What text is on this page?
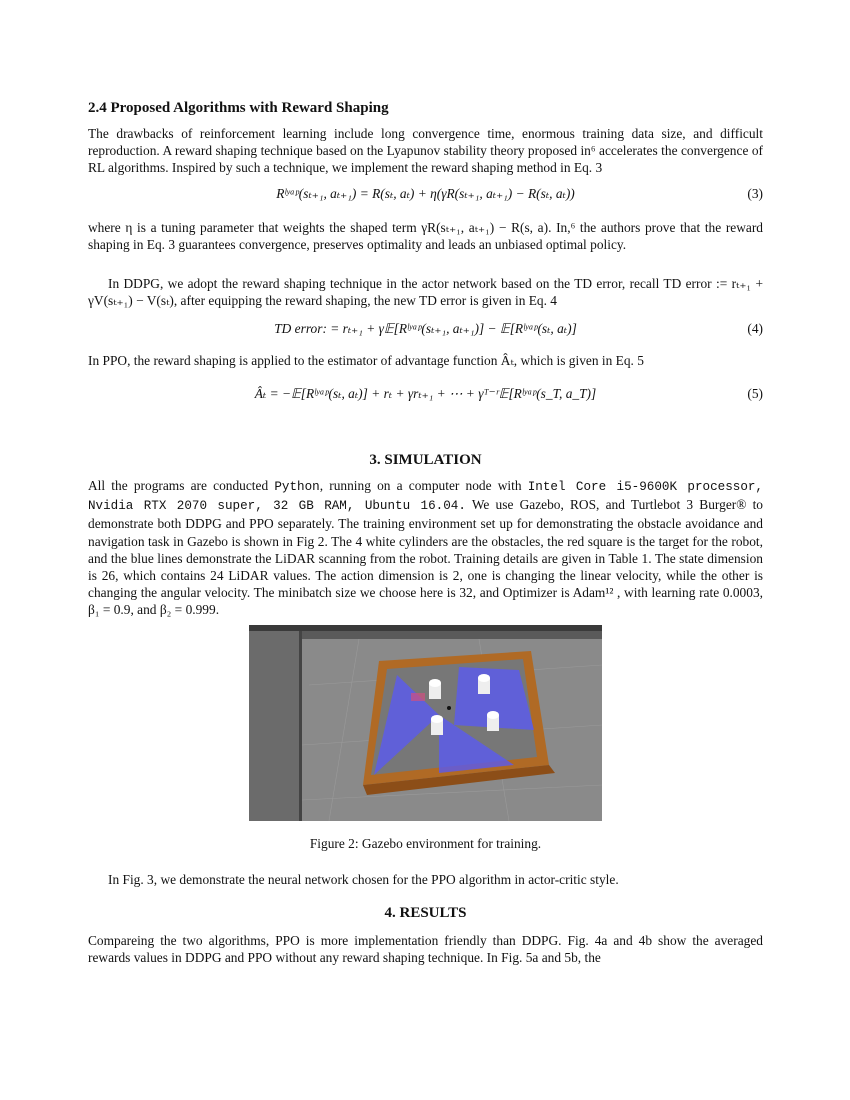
2.4 Proposed Algorithms with Reward Shaping
The drawbacks of reinforcement learning include long convergence time, enormous training data size, and difficult reproduction. A reward shaping technique based on the Lyapunov stability theory proposed in⁶ accelerates the convergence of RL algorithms. Inspired by such a technique, we implement the reward shaping method in Eq. 3
Rˡʸᵃᵖ(sₜ₊₁, aₜ₊₁) = R(sₜ, aₜ) + η(γR(sₜ₊₁, aₜ₊₁) − R(sₜ, aₜ))	(3)
where η is a tuning parameter that weights the shaped term γR(sₜ₊₁, aₜ₊₁) − R(s, a). In,⁶ the authors prove that the reward shaping in Eq. 3 guarantees convergence, preserves optimality and leads an unbiased optimal policy.
In DDPG, we adopt the reward shaping technique in the actor network based on the TD error, recall TD error := rₜ₊₁ + γV(sₜ₊₁) − V(sₜ), after equipping the reward shaping, the new TD error is given in Eq. 4
TD error: = rₜ₊₁ + γ𝔼[Rˡʸᵃᵖ(sₜ₊₁, aₜ₊₁)] − 𝔼[Rˡʸᵃᵖ(sₜ, aₜ)]	(4)
In PPO, the reward shaping is applied to the estimator of advantage function Âₜ, which is given in Eq. 5
Âₜ = −𝔼[Rˡʸᵃᵖ(sₜ, aₜ)] + rₜ + γrₜ₊₁ + ⋯ + γᵀ⁻ʳ𝔼[Rˡʸᵃᵖ(s_T, a_T)]	(5)
3. SIMULATION
All the programs are conducted Python, running on a computer node with Intel Core i5-9600K processor, Nvidia RTX 2070 super, 32 GB RAM, Ubuntu 16.04. We use Gazebo, ROS, and Turtlebot 3 Burger® to demonstrate both DDPG and PPO separately. The training environment set up for demonstrating the obstacle avoidance and navigation task in Gazebo is shown in Fig 2. The 4 white cylinders are the obstacles, the red square is the target for the robot, and the blue lines demonstrate the LiDAR scanning from the robot. Training details are given in Table 1. The state dimension is 26, which contains 24 LiDAR values. The action dimension is 2, one is changing the linear velocity, while the other is changing the angular velocity. The minibatch size we choose here is 32, and Optimizer is Adam¹² , with learning rate 0.0003, β₁ = 0.9, and β₂ = 0.999.
Figure 2: Gazebo environment for training.
In Fig. 3, we demonstrate the neural network chosen for the PPO algorithm in actor-critic style.
4. RESULTS
Compareing the two algorithms, PPO is more implementation friendly than DDPG. Fig. 4a and 4b show the averaged rewards values in DDPG and PPO without any reward shaping technique. In Fig. 5a and 5b, the
